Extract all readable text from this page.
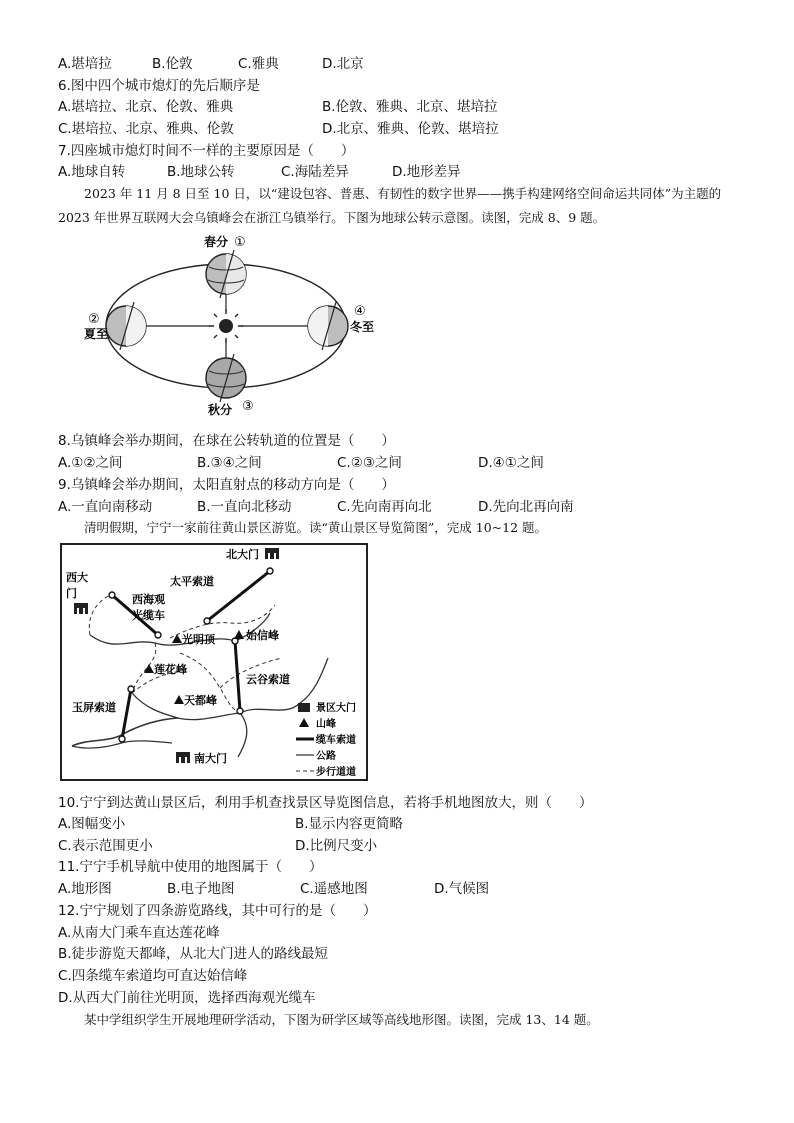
A.堪培拉	B.伦敦	C.雅典	D.北京
6.图中四个城市熄灯的先后顺序是
A.堪培拉、北京、伦敦、雅典	B.伦敦、雅典、北京、堪培拉
C.堪培拉、北京、雅典、伦敦	D.北京、雅典、伦敦、堪培拉
7.四座城市熄灯时间不一样的主要原因是（　　）
A.地球自转	B.地球公转	C.海陆差异	D.地形差异
2023 年 11 月 8 日至 10 日，以“建设包容、普惠、有韧性的数字世界——携手构建网络空间命运共同体”为主题的 2023 年世界互联网大会乌镇峰会在浙江乌镇举行。下图为地球公转示意图。读图，完成 8、9 题。
春分 ①
②
夏至
④
冬至
秋分 ③
8.乌镇峰会举办期间，在球在公转轨道的位置是（　　）
A.①②之间	B.③④之间	C.②③之间	D.④①之间
9.乌镇峰会举办期间，太阳直射点的移动方向是（　　）
A.一直向南移动	B.一直向北移动	C.先向南再向北	D.先向北再向南
清明假期，宁宁一家前往黄山景区游览。读“黄山景区导览简图”，完成 10~12 题。
北大门
西大
门
南大门
太平索道
西海观
光缆车
光明顶	始信峰
莲花峰
天都峰
云谷索道
玉屏索道	景区大门
山峰
缆车索道
公路
步行道道
10.宁宁到达黄山景区后，利用手机查找景区导览图信息，若将手机地图放大，则（　　）
A.图幅变小	B.显示内容更简略
C.表示范围更小	D.比例尺变小
11.宁宁手机导航中使用的地图属于（　　）
A.地形图	B.电子地图	C.遥感地图	D.气候图
12.宁宁规划了四条游览路线，其中可行的是（　　）
A.从南大门乘车直达莲花峰
B.徒步游览天都峰，从北大门进人的路线最短
C.四条缆车索道均可直达始信峰
D.从西大门前往光明顶，选择西海观光缆车
某中学组织学生开展地理研学活动，下图为研学区域等高线地形图。读图，完成 13、14 题。
